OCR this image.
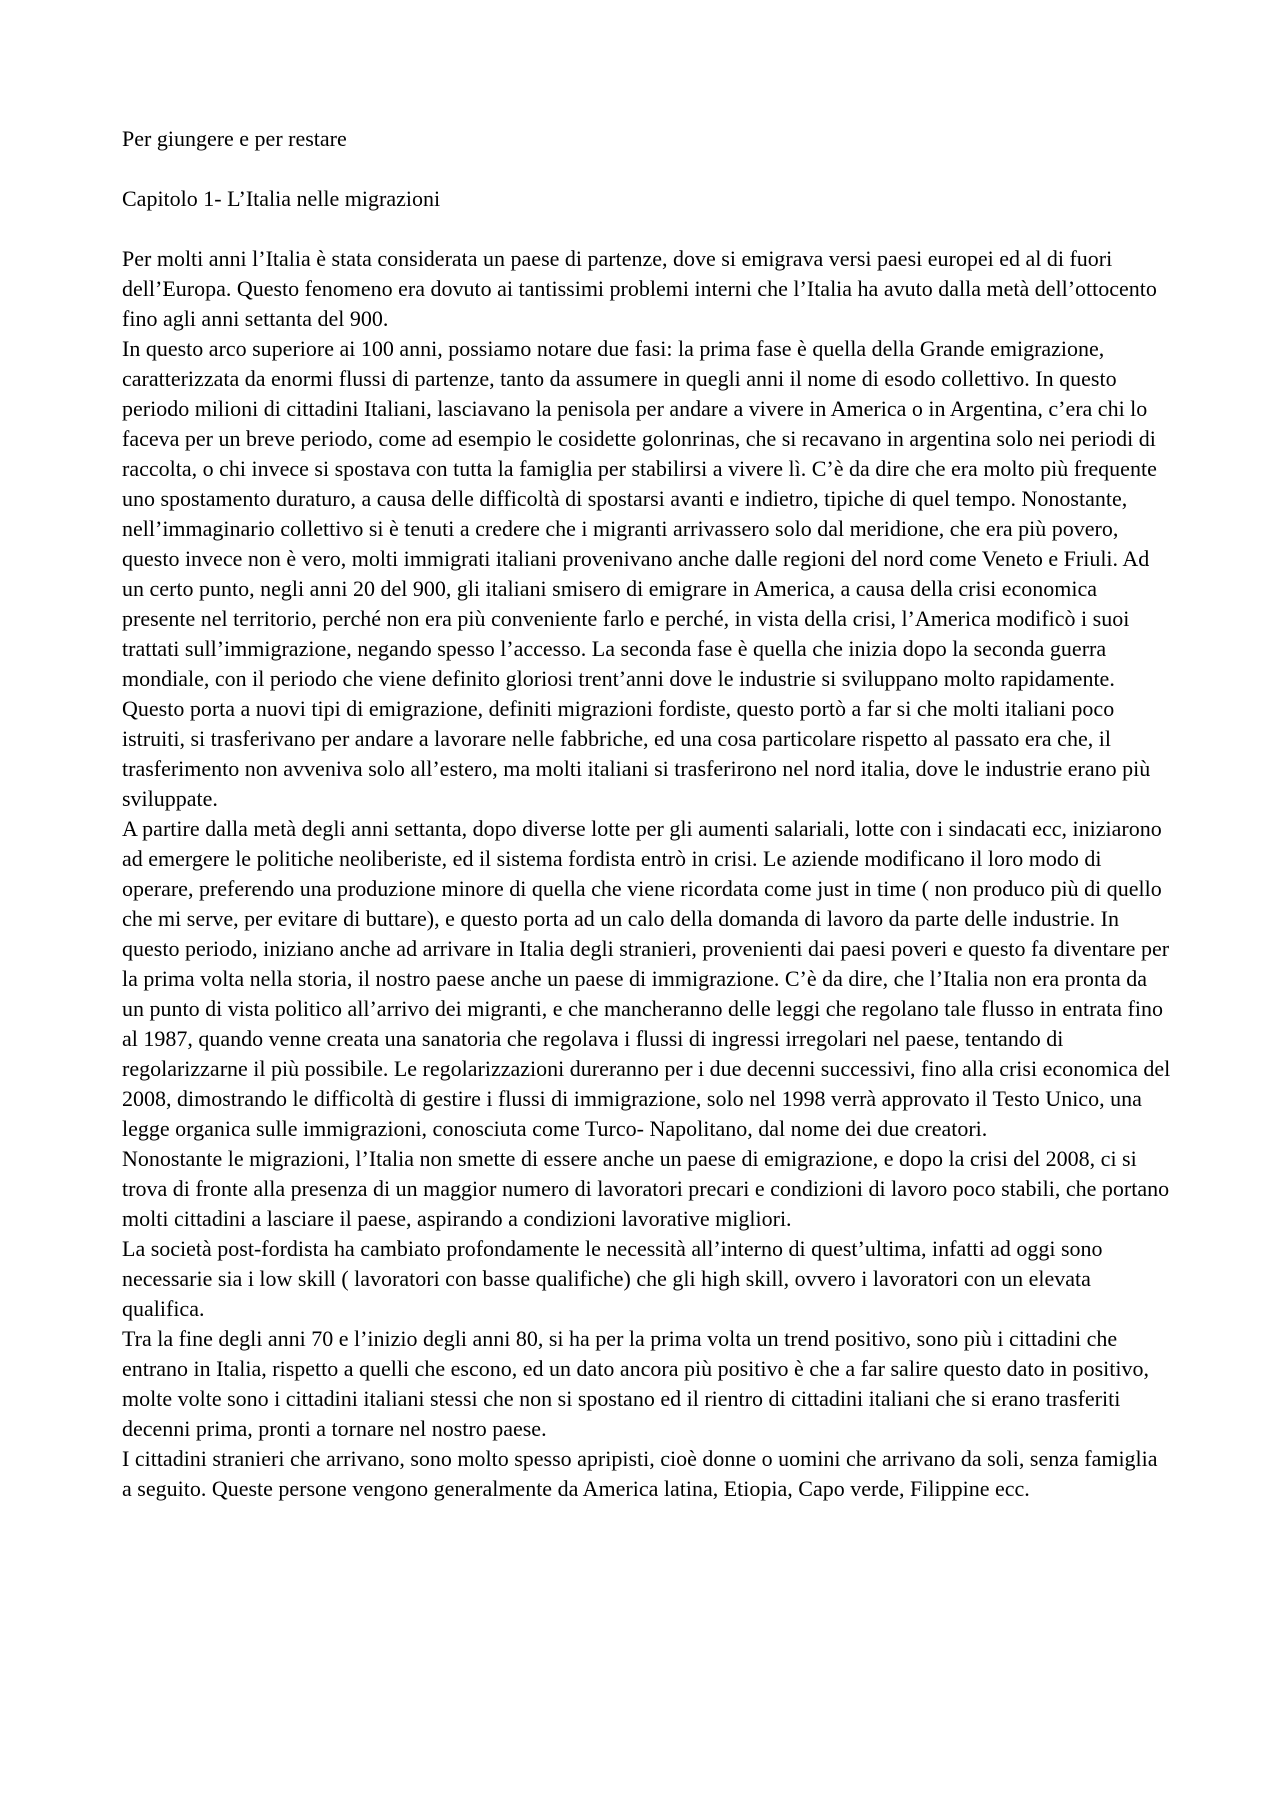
Per giungere e per restare

Capitolo 1- L’Italia nelle migrazioni

Per molti anni l’Italia è stata considerata un paese di partenze, dove si emigrava versi paesi europei ed al di fuori dell’Europa. Questo fenomeno era dovuto ai tantissimi problemi interni che l’Italia ha avuto dalla metà dell’ottocento fino agli anni settanta del 900.

In questo arco superiore ai 100 anni, possiamo notare due fasi: la prima fase è quella della Grande emigrazione, caratterizzata da enormi flussi di partenze, tanto da assumere in quegli anni il nome di esodo collettivo. In questo periodo milioni di cittadini Italiani, lasciavano la penisola per andare a vivere in America o in Argentina, c’era chi lo faceva per un breve periodo, come ad esempio le cosidette golonrinas, che si recavano in argentina solo nei periodi di raccolta, o chi invece si spostava con tutta la famiglia per stabilirsi a vivere lì. C’è da dire che era molto più frequente uno spostamento duraturo, a causa delle difficoltà di spostarsi avanti e indietro, tipiche di quel tempo. Nonostante, nell’immaginario collettivo si è tenuti a credere che i migranti arrivassero solo dal meridione, che era più povero, questo invece non è vero, molti immigrati italiani provenivano anche dalle regioni del nord come Veneto e Friuli. Ad un certo punto, negli anni 20 del 900, gli italiani smisero di emigrare in America, a causa della crisi economica presente nel territorio, perché non era più conveniente farlo e perché, in vista della crisi, l’America modificò i suoi trattati sull’immigrazione, negando spesso l’accesso. La seconda fase è quella che inizia dopo la seconda guerra mondiale, con il periodo che viene definito gloriosi trent’anni dove le industrie si sviluppano molto rapidamente. Questo porta a nuovi tipi di emigrazione, definiti migrazioni fordiste, questo portò a far si che molti italiani poco istruiti, si trasferivano per andare a lavorare nelle fabbriche, ed una cosa particolare rispetto al passato era che, il trasferimento non avveniva solo all’estero, ma molti italiani si trasferirono nel nord italia, dove le industrie erano più sviluppate.

A partire dalla metà degli anni settanta, dopo diverse lotte per gli aumenti salariali, lotte con i sindacati ecc, iniziarono ad emergere le politiche neoliberiste, ed il sistema fordista entrò in crisi. Le aziende modificano il loro modo di operare, preferendo una produzione minore di quella che viene ricordata come just in time ( non produco più di quello che mi serve, per evitare di buttare), e questo porta ad un calo della domanda di lavoro da parte delle industrie. In questo periodo, iniziano anche ad arrivare in Italia degli stranieri, provenienti dai paesi poveri e questo fa diventare per la prima volta nella storia, il nostro paese anche un paese di immigrazione. C’è da dire, che l’Italia non era pronta da un punto di vista politico all’arrivo dei migranti, e che mancheranno delle leggi che regolano tale flusso in entrata fino al 1987, quando venne creata una sanatoria che regolava i flussi di ingressi irregolari nel paese, tentando di regolarizzarne il più possibile. Le regolarizzazioni dureranno per i due decenni successivi, fino alla crisi economica del 2008, dimostrando le difficoltà di gestire i flussi di immigrazione, solo nel 1998 verrà approvato il Testo Unico, una legge organica sulle immigrazioni, conosciuta come Turco- Napolitano, dal nome dei due creatori.

Nonostante le migrazioni, l’Italia non smette di essere anche un paese di emigrazione, e dopo la crisi del 2008, ci si trova di fronte alla presenza di un maggior numero di lavoratori precari e condizioni di lavoro poco stabili, che portano molti cittadini a lasciare il paese, aspirando a condizioni lavorative migliori.

La società post-fordista ha cambiato profondamente le necessità all’interno di quest’ultima, infatti ad oggi sono necessarie sia i low skill ( lavoratori con basse qualifiche) che gli high skill, ovvero i lavoratori con un elevata qualifica.

Tra la fine degli anni 70 e l’inizio degli anni 80, si ha per la prima volta un trend positivo, sono più i cittadini che entrano in Italia, rispetto a quelli che escono, ed un dato ancora più positivo è che a far salire questo dato in positivo, molte volte sono i cittadini italiani stessi che non si spostano ed il rientro di cittadini italiani che si erano trasferiti decenni prima, pronti a tornare nel nostro paese.

I cittadini stranieri che arrivano, sono molto spesso apripisti, cioè donne o uomini che arrivano da soli, senza famiglia a seguito. Queste persone vengono generalmente da America latina, Etiopia, Capo verde, Filippine ecc.
